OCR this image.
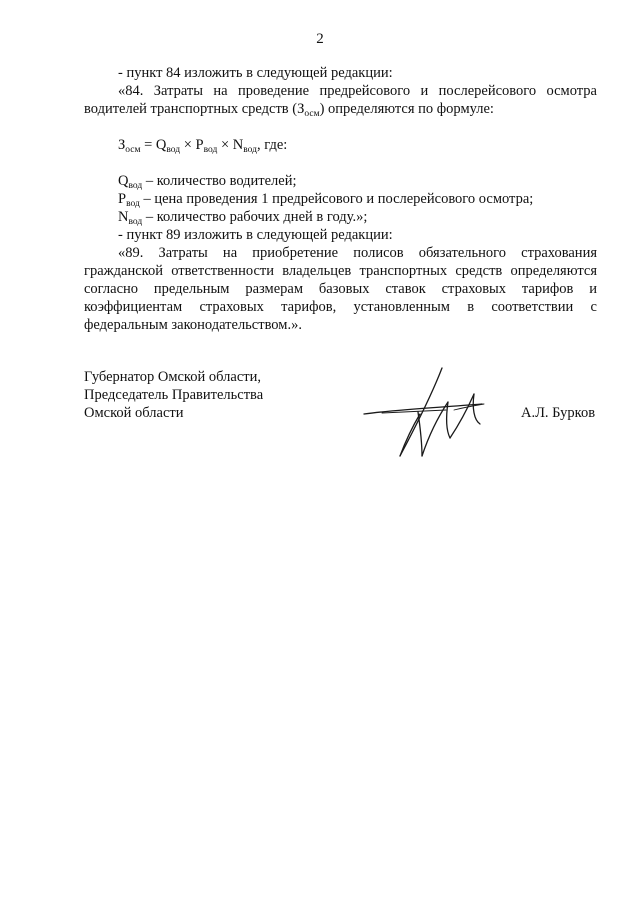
2
- пункт 84 изложить в следующей редакции:
«84. Затраты на проведение предрейсового и послерейсового осмотра
водителей транспортных средств $(З_{осм})$ определяются по формуле:
$З_{осм} = Q_{вод} \times P_{вод} \times N_{вод}$, где:
$Q_{вод}$ – количество водителей;
$P_{вод}$ – цена проведения 1 предрейсового и послерейсового осмотра;
$N_{вод}$ – количество рабочих дней в году.»;
- пункт 89 изложить в следующей редакции:
«89. Затраты на приобретение полисов обязательного страхования
гражданской ответственности владельцев транспортных средств определяются
согласно предельным размерам базовых ставок страховых тарифов и
коэффициентам страховых тарифов, установленным в соответствии с
федеральным законодательством.».
Губернатор Омской области,
Председатель Правительства
Омской области	А.Л. Бурков
